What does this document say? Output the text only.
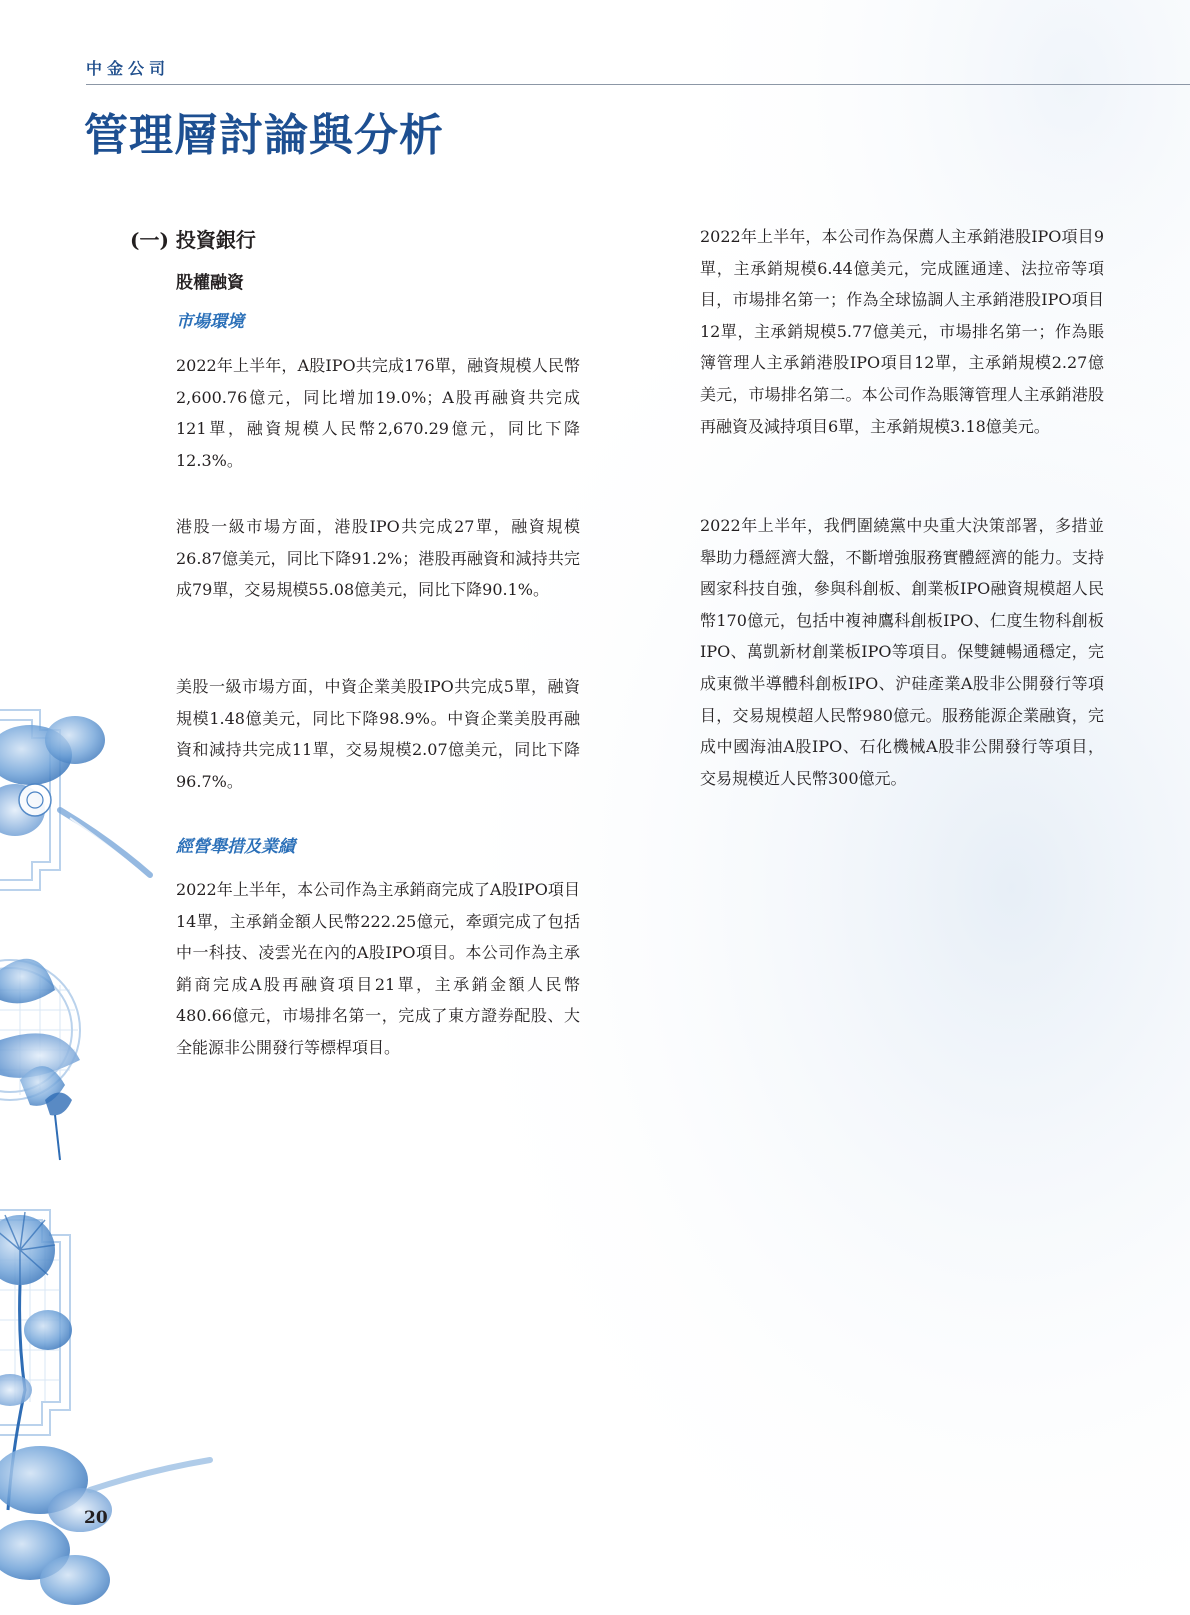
中金公司
管理層討論與分析
(一) 投資銀行
股權融資
市場環境

2022年上半年，A股IPO共完成176單，融資規模人民幣2,600.76億元，同比增加19.0%；A股再融資共完成121單，融資規模人民幣2,670.29億元，同比下降12.3%。

港股一級市場方面，港股IPO共完成27單，融資規模26.87億美元，同比下降91.2%；港股再融資和減持共完成79單，交易規模55.08億美元，同比下降90.1%。

美股一級市場方面，中資企業美股IPO共完成5單，融資規模1.48億美元，同比下降98.9%。中資企業美股再融資和減持共完成11單，交易規模2.07億美元，同比下降96.7%。

經營舉措及業績

2022年上半年，本公司作為主承銷商完成了A股IPO項目14單，主承銷金額人民幣222.25億元，牽頭完成了包括中一科技、凌雲光在內的A股IPO項目。本公司作為主承銷商完成A股再融資項目21單，主承銷金額人民幣480.66億元，市場排名第一，完成了東方證券配股、大全能源非公開發行等標桿項目。

2022年上半年，本公司作為保薦人主承銷港股IPO項目9單，主承銷規模6.44億美元，完成匯通達、法拉帝等項目，市場排名第一；作為全球協調人主承銷港股IPO項目12單，主承銷規模5.77億美元，市場排名第一；作為賬簿管理人主承銷港股IPO項目12單，主承銷規模2.27億美元，市場排名第二。本公司作為賬簿管理人主承銷港股再融資及減持項目6單，主承銷規模3.18億美元。

2022年上半年，我們圍繞黨中央重大決策部署，多措並舉助力穩經濟大盤，不斷增強服務實體經濟的能力。支持國家科技自強，參與科創板、創業板IPO融資規模超人民幣170億元，包括中複神鷹科創板IPO、仁度生物科創板IPO、萬凱新材創業板IPO等項目。保雙鏈暢通穩定，完成東微半導體科創板IPO、沪硅產業A股非公開發行等項目，交易規模超人民幣980億元。服務能源企業融資，完成中國海油A股IPO、石化機械A股非公開發行等項目，交易規模近人民幣300億元。

20
